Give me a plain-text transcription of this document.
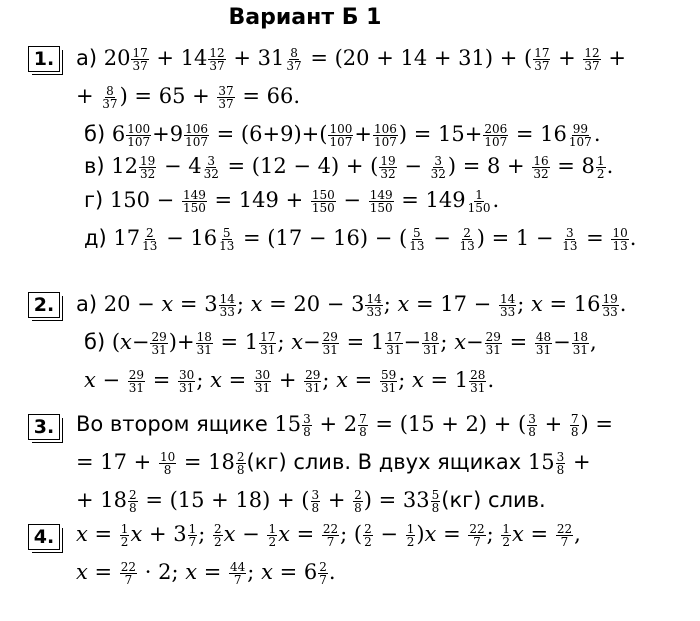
Вариант Б 1
1. а) $20 \frac{17}{37} + 14 \frac{12}{37} + 31 \frac{8}{37} = (20 + 14 + 31)$ + ( $\frac{17}{37} + \frac{12}{37}$ +
+ $\frac{8}{37}$ ) = $65 + \frac{37}{37} = 66$.
б) $6 \frac{100}{107} +9 \frac{106}{107} = (6+9)+( \frac{100}{107} + \frac{106}{107}$ ) = $15+ \frac{206}{107} = 16 \frac{99}{107}$ .
в) $12 \frac{19}{32} - 4 \frac{3}{32} = (12 - 4)$ + ( $\frac{19}{32} - \frac{3}{32}$ ) = $8 + \frac{16}{32} = 8 \frac{1}{2}$ .
г) $150 - \frac{149}{150} = 149 + \frac{150}{150} - \frac{149}{150} = 149 \frac{1}{150}$ .
д) $17 \frac{2}{13} - 16 \frac{5}{13} = (17 - 16)$ − ( $\frac{5}{13} - \frac{2}{13}$ ) = $1 - \frac{3}{13} = \frac{10}{13}$ .
2. а) $20 - x = 3 \frac{14}{33}$ ; $x = 20 - 3 \frac{14}{33}$ ; $x = 17 - \frac{14}{33}$ ; $x = 16 \frac{19}{33}$ .
б) ($x- \frac{29}{31}$ )+ $\frac{18}{31} = 1 \frac{17}{31}$ ; $x- \frac{29}{31} = 1 \frac{17}{31} - \frac{18}{31}$ ; $x- \frac{29}{31} = \frac{48}{31} - \frac{18}{31}$ ,
$x - \frac{29}{31} = \frac{30}{31}$ ; $x = \frac{30}{31} + \frac{29}{31}$ ; $x = \frac{59}{31}$ ; $x = 1 \frac{28}{31}$ .
3. Во втором ящике $15 \frac{3}{8} + 2 \frac{7}{8} = (15 + 2)$ + ( $\frac{3}{8} + \frac{7}{8}$ ) =
= $17 + \frac{10}{8} = 18 \frac{2}{8} (кг)$ слив. В двух ящиках $15 \frac{3}{8}$ +
+ $18 \frac{2}{8} = (15 + 18)$ + ( $\frac{3}{8} + \frac{2}{8}$ ) = $33 \frac{5}{8} (кг)$ слив.
4. $x = \frac{1}{2}$ $x + 3 \frac{1}{7}$ ; $\frac{2}{2}$ $x - \frac{1}{2}$ $x = \frac{22}{7}$ ; ( $\frac{2}{2} - \frac{1}{2} )x = \frac{22}{7}$ ; $\frac{1}{2}$ $x = \frac{22}{7}$ ,
$x = \frac{22}{7} \cdot 2$; $x = \frac{44}{7}$ ; $x = 6 \frac{2}{7}$ .
